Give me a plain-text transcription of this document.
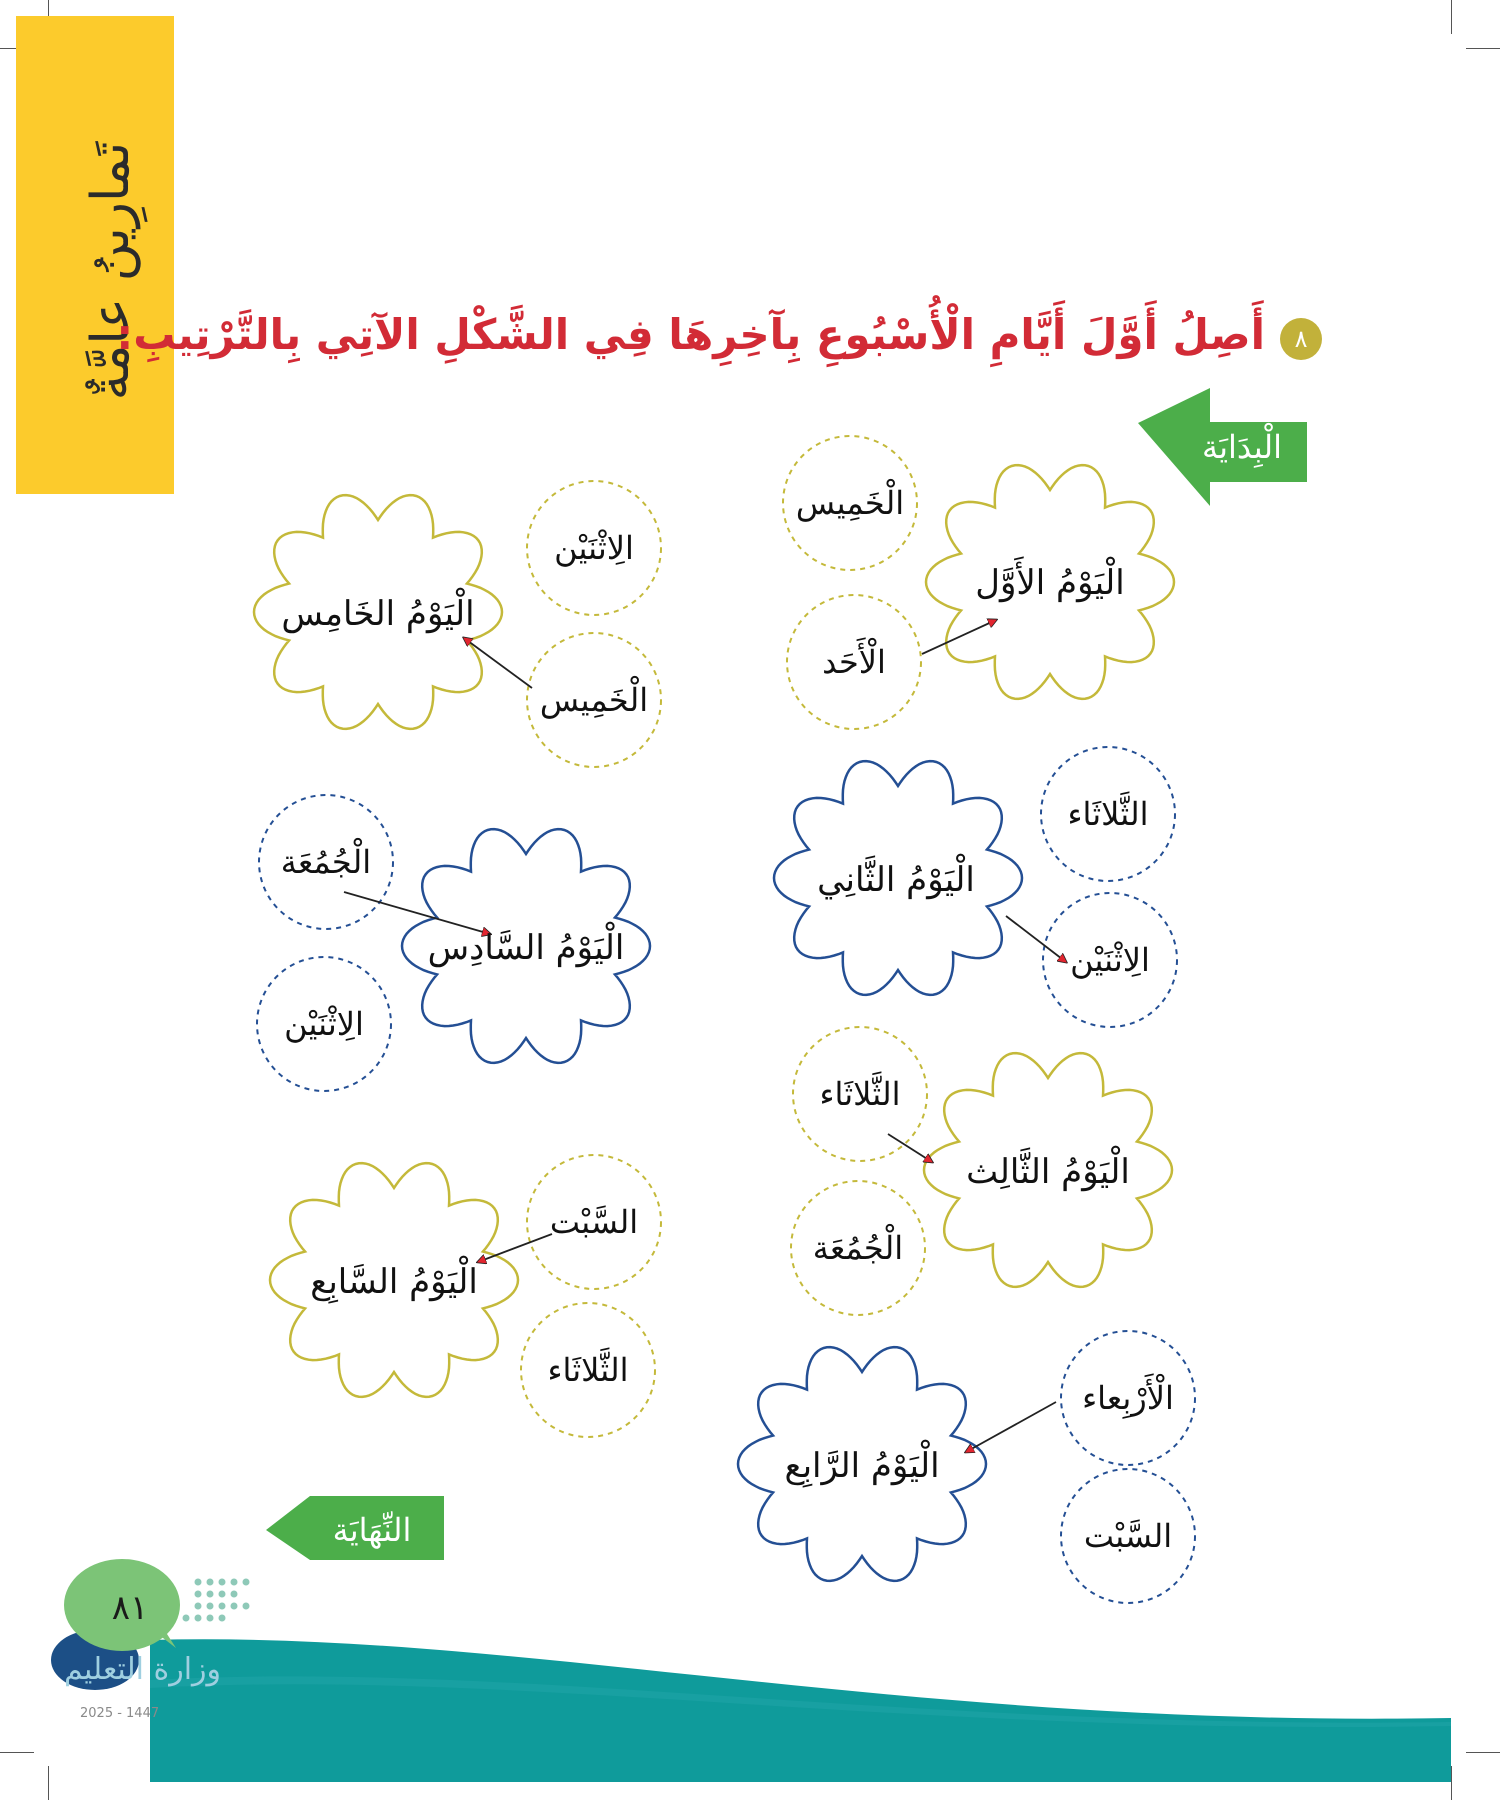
تَمارِينُ عامَّةٌ	٨
أَصِلُ أَوَّلَ أَيَّامِ الْأُسْبُوعِ بِآخِرِهَا فِي الشَّكْلِ الآتِي بِالتَّرْتِيبِ:
الْبِدَايَة
النِّهَايَة
الْيَوْمُ الأَوَّل
الْيَوْمُ الثَّانِي
الْيَوْمُ الثَّالِث
الْيَوْمُ الرَّابِع
الْيَوْمُ الخَامِس
الْيَوْمُ السَّادِس
الْيَوْمُ السَّابِع
الْخَمِيس
الْأَحَد
الثَّلاثَاء
الِاثْنَيْن
الثَّلاثَاء
الْجُمُعَة
الْأَرْبِعاء
السَّبْت
الِاثْنَيْن
الْخَمِيس
الْجُمُعَة
الِاثْنَيْن
السَّبْت
الثَّلاثَاء
٨١
وزارة التعليم
2025 - 1447
